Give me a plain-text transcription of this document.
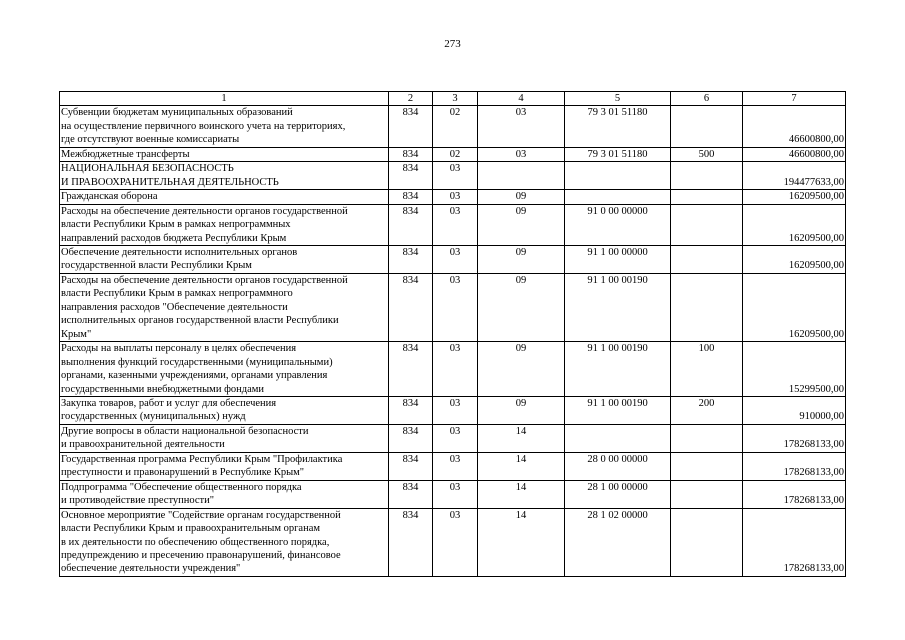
273
1	2	3	4	5	6	7
Субвенции бюджетам муниципальных образований
на осуществление первичного воинского учета на территориях,
где отсутствуют военные комиссариаты	834	02	03	79 3 01 51180		46600800,00
Межбюджетные трансферты	834	02	03	79 3 01 51180	500	46600800,00
НАЦИОНАЛЬНАЯ БЕЗОПАСНОСТЬ
И ПРАВООХРАНИТЕЛЬНАЯ ДЕЯТЕЛЬНОСТЬ	834	03				194477633,00
Гражданская оборона	834	03	09			16209500,00
Расходы на обеспечение деятельности органов государственной
власти Республики Крым в рамках непрограммных
направлений расходов бюджета Республики Крым	834	03	09	91 0 00 00000		16209500,00
Обеспечение деятельности исполнительных органов
государственной власти Республики Крым	834	03	09	91 1 00 00000		16209500,00
Расходы на обеспечение деятельности органов государственной
власти Республики Крым в рамках непрограммного
направления расходов "Обеспечение деятельности
исполнительных органов государственной власти Республики
Крым"	834	03	09	91 1 00 00190		16209500,00
Расходы на выплаты персоналу в целях обеспечения
выполнения функций государственными (муниципальными)
органами, казенными учреждениями, органами управления
государственными внебюджетными фондами	834	03	09	91 1 00 00190	100	15299500,00
Закупка товаров, работ и услуг для обеспечения
государственных (муниципальных) нужд	834	03	09	91 1 00 00190	200	910000,00
Другие вопросы в области национальной безопасности
и правоохранительной деятельности	834	03	14			178268133,00
Государственная программа Республики Крым "Профилактика
преступности и правонарушений в Республике Крым"	834	03	14	28 0 00 00000		178268133,00
Подпрограмма "Обеспечение общественного порядка
и противодействие преступности"	834	03	14	28 1 00 00000		178268133,00
Основное мероприятие "Содействие органам государственной
власти Республики Крым и правоохранительным органам
в их деятельности по обеспечению общественного порядка,
предупреждению и пресечению правонарушений, финансовое
обеспечение деятельности учреждения"	834	03	14	28 1 02 00000		178268133,00
